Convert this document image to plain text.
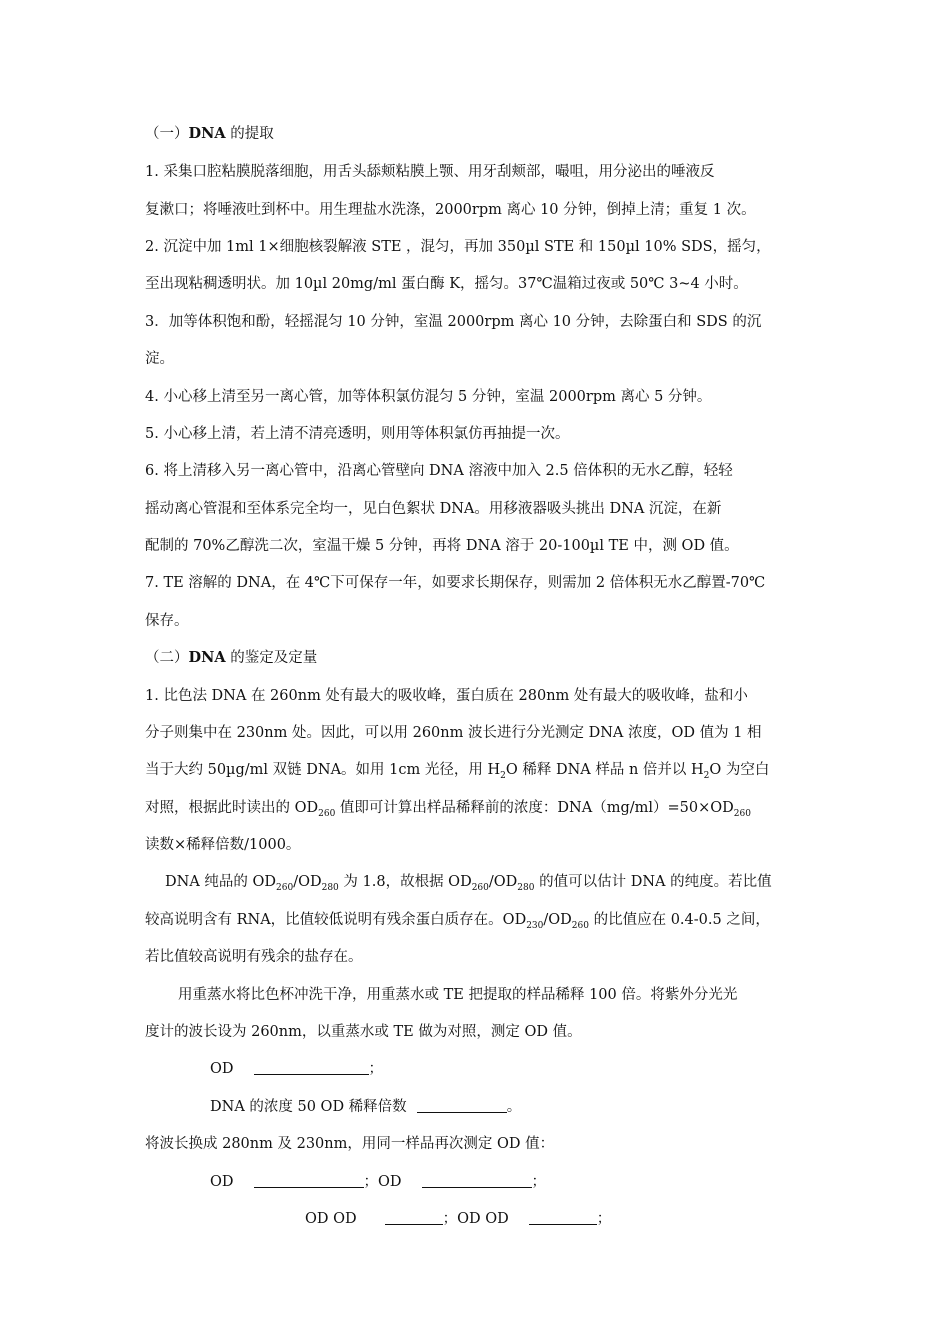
（一）DNA 的提取
1. 采集口腔粘膜脱落细胞，用舌头舔颊粘膜上颚、用牙刮颊部，嘬咀，用分泌出的唾液反
复漱口；将唾液吐到杯中。用生理盐水洗涤，2000rpm 离心 10 分钟，倒掉上清；重复 1 次。
2. 沉淀中加 1ml 1×细胞核裂解液 STE ，混匀，再加 350µl STE 和 150µl 10% SDS，摇匀，
至出现粘稠透明状。加 10µl 20mg/ml 蛋白酶 K，摇匀。37℃温箱过夜或 50℃ 3~4 小时。
3．加等体积饱和酚，轻摇混匀 10 分钟，室温 2000rpm 离心 10 分钟，去除蛋白和 SDS 的沉
淀。
4. 小心移上清至另一离心管，加等体积氯仿混匀 5 分钟，室温 2000rpm 离心 5 分钟。
5. 小心移上清，若上清不清亮透明，则用等体积氯仿再抽提一次。
6. 将上清移入另一离心管中，沿离心管壁向 DNA 溶液中加入 2.5 倍体积的无水乙醇，轻轻
摇动离心管混和至体系完全均一，见白色絮状 DNA。用移液器吸头挑出 DNA 沉淀，在新
配制的 70%乙醇洗二次，室温干燥 5 分钟，再将 DNA 溶于 20-100µl TE 中，测 OD 值。
7. TE 溶解的 DNA，在 4℃下可保存一年，如要求长期保存，则需加 2 倍体积无水乙醇置-70℃
保存。
（二）DNA 的鉴定及定量
1. 比色法 DNA 在 260nm 处有最大的吸收峰，蛋白质在 280nm 处有最大的吸收峰，盐和小
分子则集中在 230nm 处。因此，可以用 260nm 波长进行分光测定 DNA 浓度，OD 值为 1 相
当于大约 50µg/ml 双链 DNA。如用 1cm 光径，用 $H_2O$ 稀释 DNA 样品 n 倍并以 $H_2O$ 为空白
对照，根据此时读出的 $OD_{260}$ 值即可计算出样品稀释前的浓度：$DNA(mg/ml)=50\times OD_{260}$
读数×稀释倍数/1000。
DNA 纯品的 $OD_{260}/OD_{280}$ 为 1.8，故根据 $OD_{260}/OD_{280}$ 的值可以估计 DNA 的纯度。若比值
较高说明含有 RNA，比值较低说明有残余蛋白质存在。$OD_{230}/OD_{260}$ 的比值应在 0.4-0.5 之间，
若比值较高说明有残余的盐存在。
用重蒸水将比色杯冲洗干净，用重蒸水或 TE 把提取的样品稀释 100 倍。将紫外分光光
度计的波长设为 260nm，以重蒸水或 TE 做为对照，测定 OD 值。
OD	；
DNA 的浓度 50 OD 稀释倍数	。
将波长换成 280nm 及 230nm，用同一样品再次测定 OD 值：
OD	；OD	；
OD OD	；OD OD	；
